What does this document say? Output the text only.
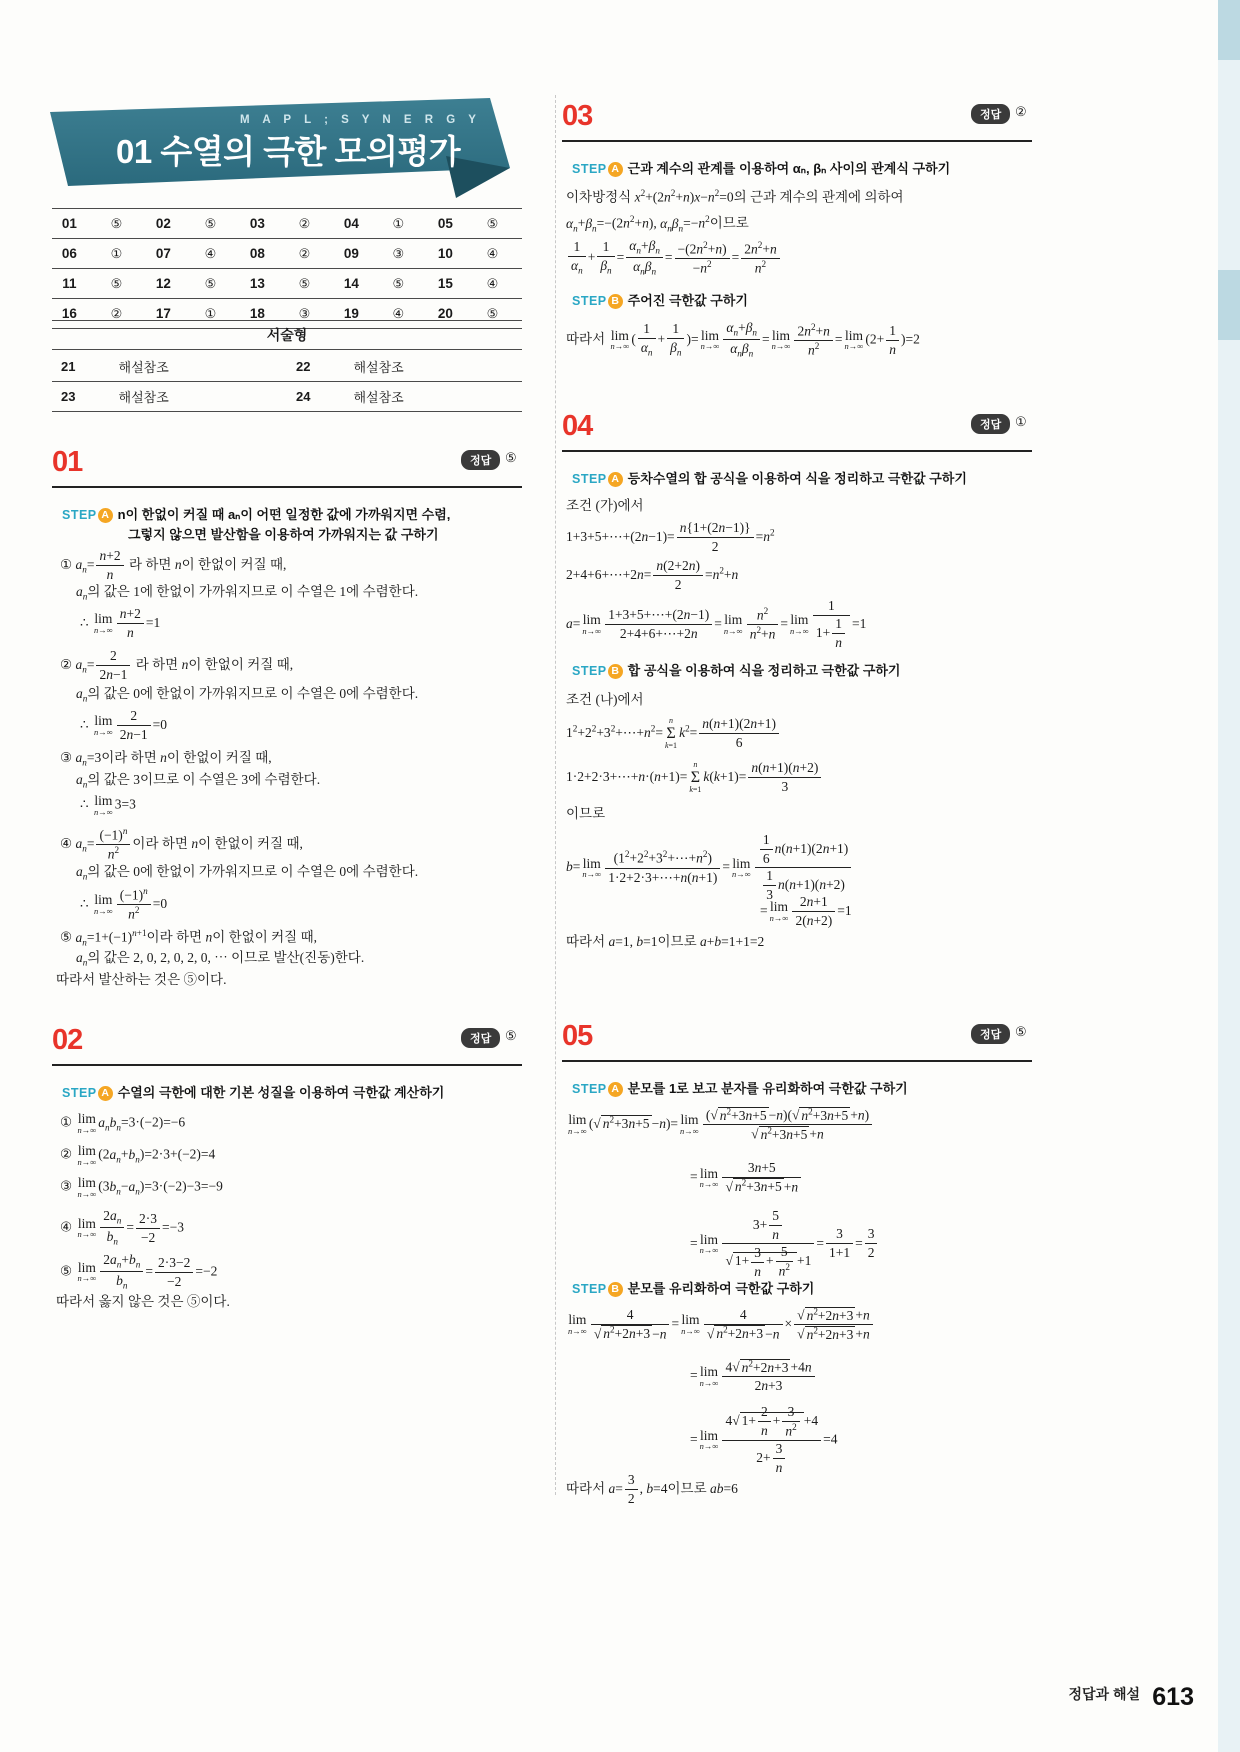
M A P L ; S Y N E R G Y
01 수열의 극한 모의평가
01	⑤	02	⑤	03	②	04	①	05	⑤
06	①	07	④	08	②	09	③	10	④
11	⑤	12	⑤	13	⑤	14	⑤	15	④
16	②	17	①	18	③	19	④	20	⑤
서술형
21	해설참조	22	해설참조
23	해설참조	24	해설참조
01	정답	⑤
STEP A n이 한없이 커질 때 aₙ이 어떤 일정한 값에 가까워지면 수렴,
그렇지 않으면 발산함을 이용하여 가까워지는 값 구하기
① $a_n= \frac{n+2}{n}$ 라 하면 n이 한없이 커질 때,
$a_n$의 값은 1에 한없이 가까워지므로 이 수열은 1에 수렴한다.
∴ lim
$n\to\infty \frac{n+2}{n} =1$
② $a_n= \frac{2}{2n-1}$ 라 하면 n이 한없이 커질 때,
$a_n$의 값은 0에 한없이 가까워지므로 이 수열은 0에 수렴한다.
∴ lim
$n\to\infty \frac{2}{2n-1} =0$
③ $a_n=3$이라 하면 n이 한없이 커질 때,
$a_n$의 값은 3이므로 이 수열은 3에 수렴한다.
∴ lim
n→∞ 3=3
④ $a_n= \frac{(-1)^n}{n^2}$ 이라 하면 n이 한없이 커질 때,
$a_n$의 값은 0에 한없이 가까워지므로 이 수열은 0에 수렴한다.
∴ lim
$n\to\infty \frac{(-1)^n}{n^2} =0$
⑤ $a_n=1+(-1)^{n+1}$이라 하면 n이 한없이 커질 때,
$a_n$의 값은 2, 0, 2, 0, 2, 0, ⋯ 이므로 발산(진동)한다.
따라서 발산하는 것은 ⑤이다.
02	정답	⑤
STEP A 수열의 극한에 대한 기본 성질을 이용하여 극한값 계산하기
① lim
n→∞ $a_nb_n=3\cdot(-2)=-6$
② lim
n→∞ $(2a_n+b_n)=2\cdot 3+(-2)=4$
③ lim
n→∞ $(3b_n-a_n)=3\cdot(-2)-3=-9$
④ lim
$n\to\infty \frac{2a_n}{b_n} = \frac{2\cdot 3}{-2} =-3$
⑤ lim
$n\to\infty \frac{2a_n+b_n}{b_n} = \frac{2\cdot 3-2}{-2} =-2$
따라서 옳지 않은 것은 ⑤이다.
03	정답	②
STEP A 근과 계수의 관계를 이용하여 αₙ, βₙ 사이의 관계식 구하기
이차방정식 $x^2+(2n^2+n)x-n^2=0$의 근과 계수의 관계에 의하여
$\alpha_n+\beta_n=-(2n^2+n)$, $\alpha_n\beta_n=-n^2$이므로
$\frac{1}{\alpha_n} + \frac{1}{\beta_n}$ =
$\alpha_n+\beta_n$
$\alpha_n\beta_n$
= $\frac{-(2n^2+n)}{-n^2} = \frac{2n^2+n}{n^2}$
STEP B 주어진 극한값 구하기
따라서 lim
n→∞ ( $\frac{1}{\alpha_n} + \frac{1}{\beta_n}$ )= lim
n→∞
$\alpha_n+\beta_n$
$\alpha_n\beta_n$
= lim
$n\to\infty \frac{2n^2+n}{n^2} = \lim$
n→∞ $(2+ \frac{1}{n} )=2$
04	정답	①
STEP A 등차수열의 합 공식을 이용하여 식을 정리하고 극한값 구하기
조건 (가)에서
1+3+5+⋯+(2n−1)= $\frac{n\{1+(2n-1)\}}{2} =n^2$
2+4+6+⋯+2n= $\frac{n(2+2n)}{2} =n^2+n$
a= lim
$n\to\infty \frac{1+3+5+\cdots+(2n-1)}{2+4+6+\cdots+2n} = \lim$
$n\to\infty \frac{n^2}{n^2+n} = \lim$
$n\to\infty \frac{1}{1+ \frac{1}{n}} =1$
STEP B 합 공식을 이용하여 식을 정리하고 극한값 구하기
조건 (나)에서
$1^2+2^2+3^2+\cdots+n^2=$
n
Σ
k=1
$k^2= \frac{n(n+1)(2n+1)}{6}$
1·2+2·3+⋯+n·(n+1)=
n
Σ
k=1
$k(k+1)= \frac{n(n+1)(n+2)}{3}$
이므로
b= lim
$n\to\infty \frac{(1^2+2^2+3^2+\cdots+n^2)}{1\cdot 2+2\cdot 3+\cdots+n(n+1)} = \lim$
$n\to\infty \frac{\frac{1}{6} n(n+1)(2n+1)}{\frac{1}{3} n(n+1)(n+2)}$
= lim
$n\to\infty \frac{2n+1}{2(n+2)} =1$
따라서 a=1, b=1이므로 a+b=1+1=2
05	정답	⑤
STEP A 분모를 1로 보고 분자를 유리화하여 극한값 구하기
lim
n→∞ (√ $n^2+3n+5 -n)= \lim$
$n\to\infty \frac{(√ n^2+3n+5 -n)(√ n^2+3n+5 +n)}{√ n^2+3n+5 +n}$
= lim
$n\to\infty \frac{3n+5}{√ n^2+3n+5 +n}$
= lim
$n\to\infty \frac{3+ \frac{5}{n}}{√ 1+ \frac{3}{n} + \frac{5}{n^2} +1} = \frac{3}{1+1} = \frac{3}{2}$
STEP B 분모를 유리화하여 극한값 구하기
lim
$n\to\infty \frac{4}{√ n^2+2n+3 -n} = \lim$
$n\to\infty \frac{4}{√ n^2+2n+3 -n} \times \frac{√ n^2+2n+3 +n}{√ n^2+2n+3 +n}$
= lim
$n\to\infty \frac{4√ n^2+2n+3 +4n}{2n+3}$
= lim
$n\to\infty \frac{4√ 1+ \frac{2}{n} + \frac{3}{n^2} +4}{2+ \frac{3}{n}} =4$
따라서 $a= \frac{3}{2}$ , b=4이므로 ab=6
정답과 해설 613
